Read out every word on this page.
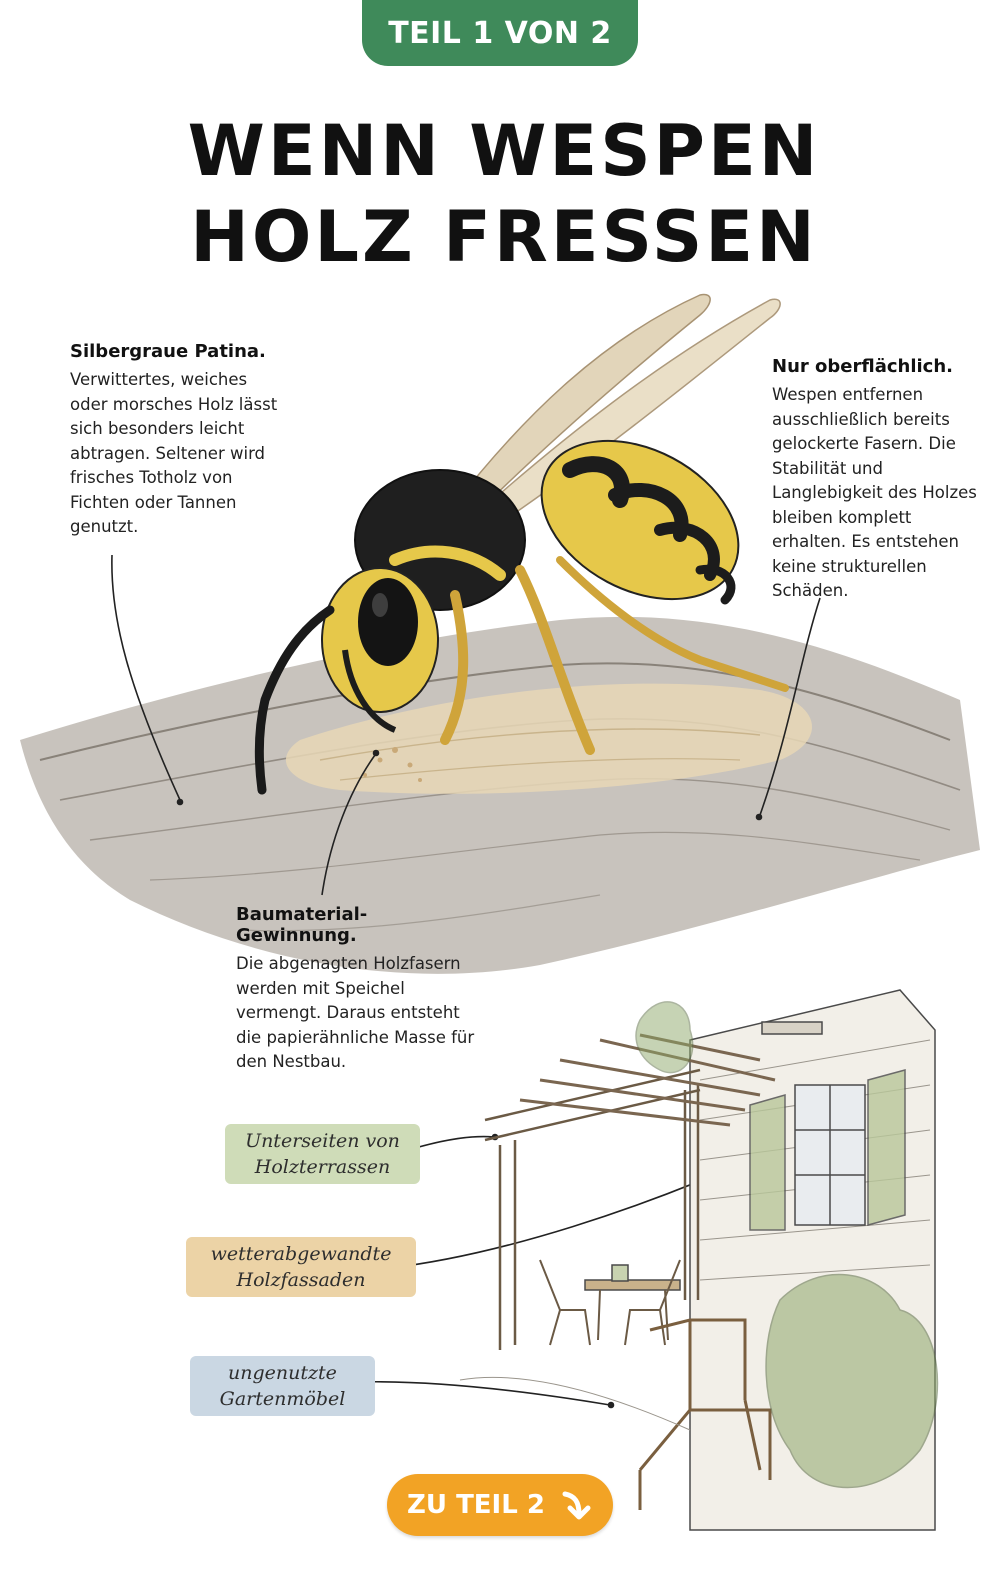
TEIL 1 VON 2
WENN WESPEN
HOLZ FRESSEN
Silbergraue Patina.

Verwittertes, weiches oder morsches Holz lässt sich besonders leicht abtragen. Seltener wird frisches Totholz von Fichten oder Tannen genutzt.

Nur oberflächlich.

Wespen entfernen ausschließlich bereits gelockerte Fasern. Die Stabilität und Langlebigkeit des Holzes bleiben komplett erhalten. Es entstehen keine strukturellen Schäden.

Baumaterial-Gewinnung.

Die abgenagten Holzfasern werden mit Speichel vermengt. Daraus entsteht die papierähnliche Masse für den Nestbau.

Unterseiten von
Holzterrassen
wetterabgewandte
Holzfassaden
ungenutzte
Gartenmöbel
ZU TEIL 2
